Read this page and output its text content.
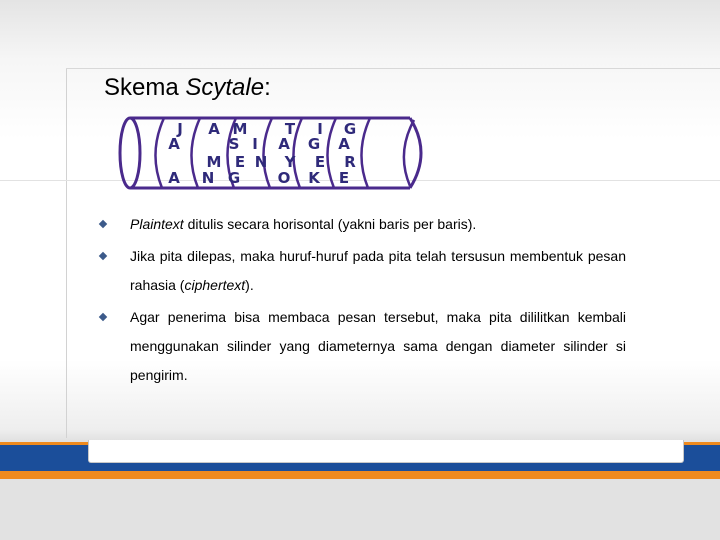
Skema Scytale:
J A M T I G
A	S I A G A
M E N Y E R
A N G O K E
Plaintext ditulis secara horisontal (yakni baris per baris).
Jika pita dilepas, maka huruf-huruf pada pita telah tersusun membentuk pesan rahasia (ciphertext).
Agar penerima bisa membaca pesan tersebut, maka pita dililitkan kembali menggunakan silinder yang diameternya sama dengan diameter silinder si pengirim.
